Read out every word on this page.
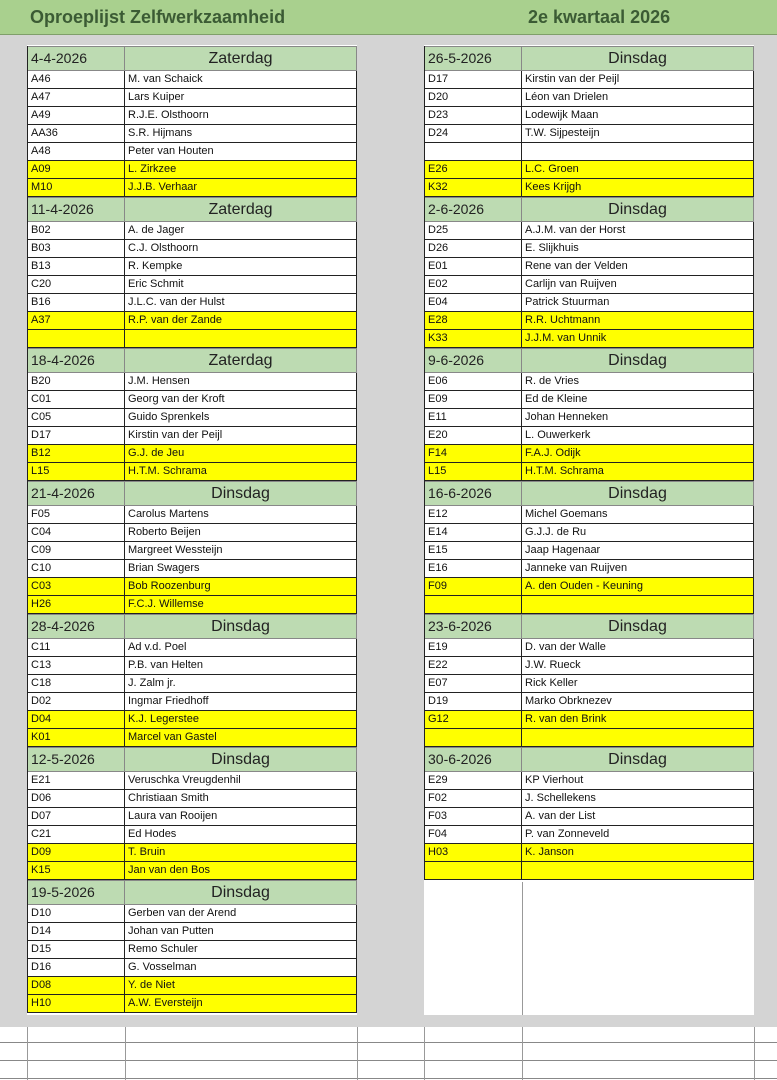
Oproeplijst Zelfwerkzaamheid	2e kwartaal 2026
4-4-2026	Zaterdag
A46	M. van Schaick
A47	Lars Kuiper
A49	R.J.E. Olsthoorn
AA36	S.R. Hijmans
A48	Peter van Houten
A09	L. Zirkzee
M10	J.J.B. Verhaar
11-4-2026	Zaterdag
B02	A. de Jager
B03	C.J. Olsthoorn
B13	R. Kempke
C20	Eric Schmit
B16	J.L.C. van der Hulst
A37	R.P. van der Zande
18-4-2026	Zaterdag
B20	J.M. Hensen
C01	Georg van der Kroft
C05	Guido Sprenkels
D17	Kirstin van der Peijl
B12	G.J. de Jeu
L15	H.T.M. Schrama
21-4-2026	Dinsdag
F05	Carolus Martens
C04	Roberto Beijen
C09	Margreet Wessteijn
C10	Brian Swagers
C03	Bob Roozenburg
H26	F.C.J. Willemse
28-4-2026	Dinsdag
C11	Ad v.d. Poel
C13	P.B. van Helten
C18	J. Zalm jr.
D02	Ingmar Friedhoff
D04	K.J. Legerstee
K01	Marcel van Gastel
12-5-2026	Dinsdag
E21	Veruschka Vreugdenhil
D06	Christiaan Smith
D07	Laura van Rooijen
C21	Ed Hodes
D09	T. Bruin
K15	Jan van den Bos
19-5-2026	Dinsdag
D10	Gerben van der Arend
D14	Johan van Putten
D15	Remo Schuler
D16	G. Vosselman
D08	Y. de Niet
H10	A.W. Eversteijn
26-5-2026	Dinsdag
D17	Kirstin van der Peijl
D20	Léon van Drielen
D23	Lodewijk Maan
D24	T.W. Sijpesteijn
E26	L.C. Groen
K32	Kees Krijgh
2-6-2026	Dinsdag
D25	A.J.M. van der Horst
D26	E. Slijkhuis
E01	Rene van der Velden
E02	Carlijn van Ruijven
E04	Patrick Stuurman
E28	R.R. Uchtmann
K33	J.J.M. van Unnik
9-6-2026	Dinsdag
E06	R. de Vries
E09	Ed de Kleine
E11	Johan Henneken
E20	L. Ouwerkerk
F14	F.A.J. Odijk
L15	H.T.M. Schrama
16-6-2026	Dinsdag
E12	Michel Goemans
E14	G.J.J. de Ru
E15	Jaap Hagenaar
E16	Janneke van Ruijven
F09	A. den Ouden - Keuning
23-6-2026	Dinsdag
E19	D. van der Walle
E22	J.W. Rueck
E07	Rick Keller
D19	Marko Obrknezev
G12	R. van den Brink
30-6-2026	Dinsdag
E29	KP Vierhout
F02	J. Schellekens
F03	A. van der List
F04	P. van Zonneveld
H03	K. Janson
